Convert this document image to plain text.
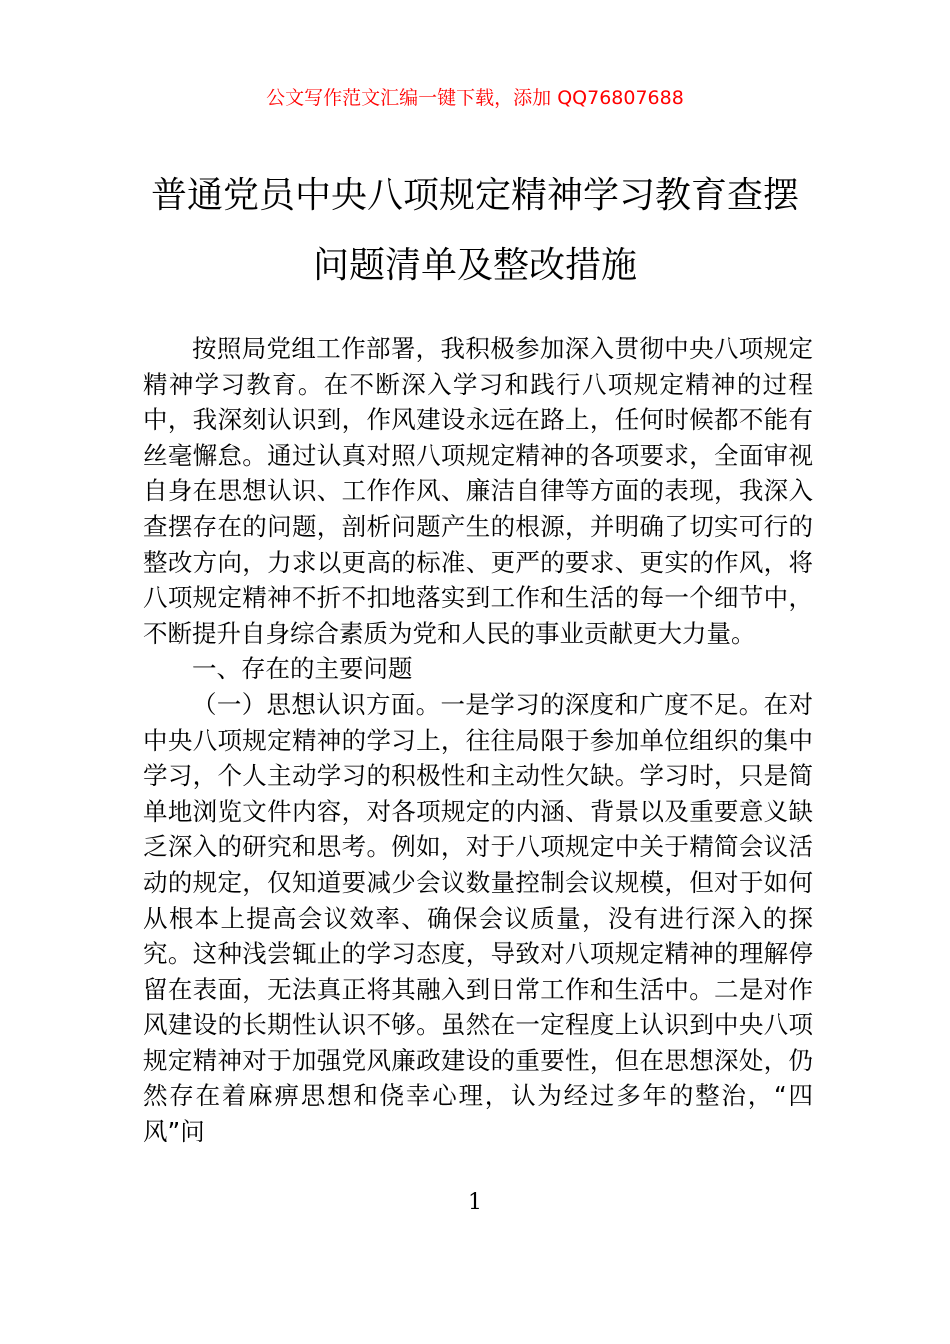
公文写作范文汇编一键下载，添加 QQ76807688
普通党员中央八项规定精神学习教育查摆
问题清单及整改措施

按照局党组工作部署，我积极参加深入贯彻中央八项规定精神学习教育。在不断深入学习和践行八项规定精神的过程中，我深刻认识到，作风建设永远在路上，任何时候都不能有丝毫懈怠。通过认真对照八项规定精神的各项要求，全面审视自身在思想认识、工作作风、廉洁自律等方面的表现，我深入查摆存在的问题，剖析问题产生的根源，并明确了切实可行的整改方向，力求以更高的标准、更严的要求、更实的作风，将八项规定精神不折不扣地落实到工作和生活的每一个细节中，不断提升自身综合素质为党和人民的事业贡献更大力量。

一、存在的主要问题

（一）思想认识方面。一是学习的深度和广度不足。在对中央八项规定精神的学习上，往往局限于参加单位组织的集中学习，个人主动学习的积极性和主动性欠缺。学习时，只是简单地浏览文件内容，对各项规定的内涵、背景以及重要意义缺乏深入的研究和思考。例如，对于八项规定中关于精简会议活动的规定，仅知道要减少会议数量控制会议规模，但对于如何从根本上提高会议效率、确保会议质量，没有进行深入的探究。这种浅尝辄止的学习态度，导致对八项规定精神的理解停留在表面，无法真正将其融入到日常工作和生活中。二是对作风建设的长期性认识不够。虽然在一定程度上认识到中央八项规定精神对于加强党风廉政建设的重要性，但在思想深处，仍然存在着麻痹思想和侥幸心理，认为经过多年的整治，“四风”问

1
